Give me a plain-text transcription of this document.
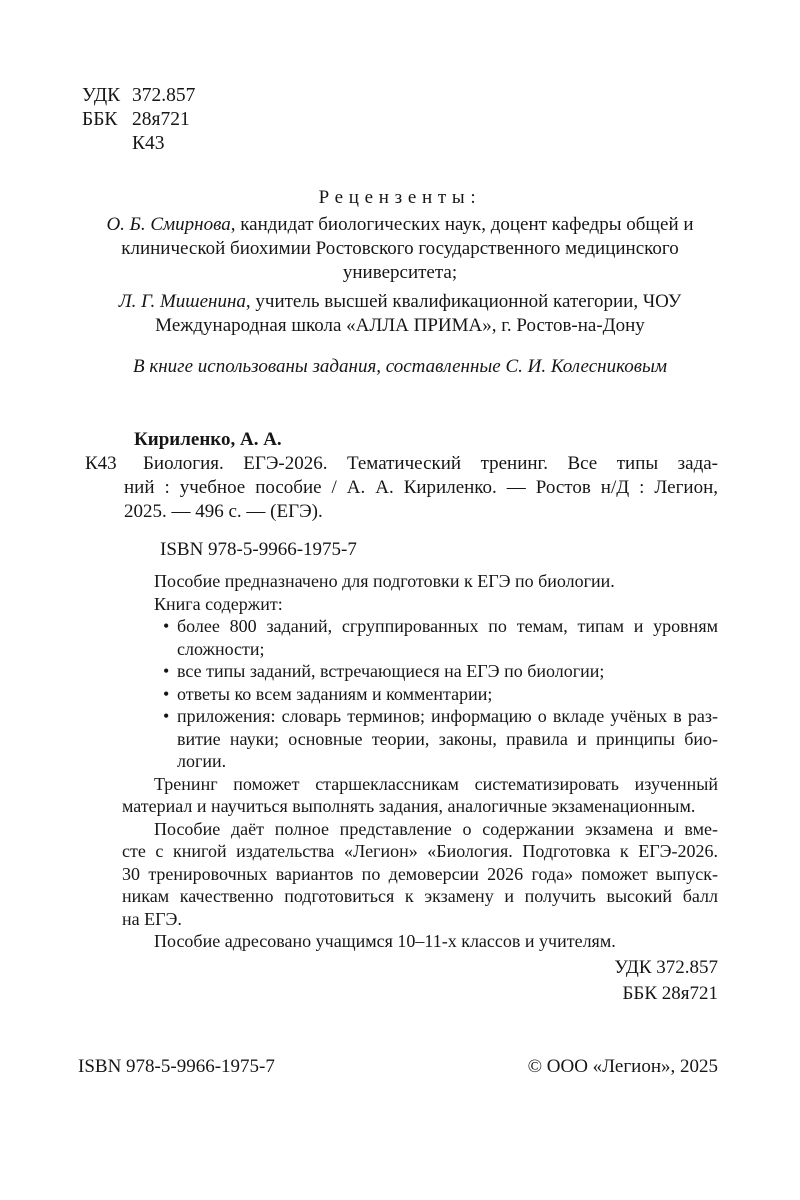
УДК 372.857
ББК 28я721
К43
Рецензенты:

О. Б. Смирнова, кандидат биологических наук, доцент кафедры общей и клинической биохимии Ростовского государственного медицинского университета;

Л. Г. Мишенина, учитель высшей квалификационной категории, ЧОУ Международная школа «АЛЛА ПРИМА», г. Ростов-на-Дону

В книге использованы задания, составленные С. И. Колесниковым
Кириленко, А. А.
К43	Биология. ЕГЭ-2026. Тематический тренинг. Все типы зада-
ний : учебное пособие / А. А. Кириленко. — Ростов н/Д : Легион,
2025. — 496 с. — (ЕГЭ).
ISBN 978-5-9966-1975-7

Пособие предназначено для подготовки к ЕГЭ по биологии.

Книга содержит:

• более 800 заданий, сгруппированных по темам, типам и уровням
сложности;
• все типы заданий, встречающиеся на ЕГЭ по биологии;
• ответы ко всем заданиям и комментарии;
• приложения: словарь терминов; информацию о вкладе учёных в раз-
витие науки; основные теории, законы, правила и принципы био-
логии.

Тренинг поможет старшеклассникам систематизировать изученный
материал и научиться выполнять задания, аналогичные экзаменационным.

Пособие даёт полное представление о содержании экзамена и вме-
сте с книгой издательства «Легион» «Биология. Подготовка к ЕГЭ-2026.
30 тренировочных вариантов по демоверсии 2026 года» поможет выпуск-
никам качественно подготовиться к экзамену и получить высокий балл
на ЕГЭ.

Пособие адресовано учащимся 10–11-х классов и учителям.

УДК 372.857
ББК 28я721
ISBN 978-5-9966-1975-7	© ООО «Легион», 2025
